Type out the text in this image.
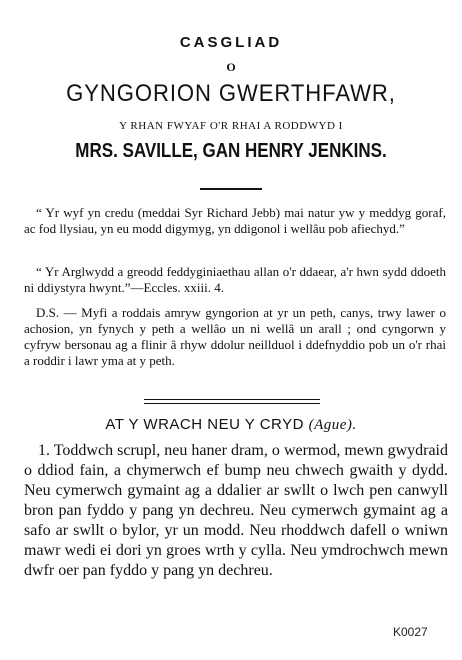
CASGLIAD
O
GYNGORION GWERTHFAWR,
Y RHAN FWYAF O'R RHAI A RODDWYD I
MRS. SAVILLE, GAN HENRY JENKINS.
“ Yr wyf yn credu (meddai Syr Richard Jebb) mai natur yw y meddyg goraf, ac fod llysiau, yn eu modd digymyg, yn ddigonol i wellâu pob afiechyd.”
“ Yr Arglwydd a greodd feddyginiaethau allan o'r ddaear, a'r hwn sydd ddoeth ni ddiystyra hwynt.”—Eccles. xxiii. 4.
D.S. — Myfi a roddais amryw gyngorion at yr un peth, canys, trwy lawer o achosion, yn fynych y peth a wellâo un ni wellâ un arall ; ond cyngorwn y cyfryw bersonau ag a flinir â rhyw ddolur neillduol i ddefnyddio pob un o'r rhai a roddir i lawr yma at y peth.
AT Y WRACH NEU Y CRYD (Ague).
1. Toddwch scrupl, neu haner dram, o wermod, mewn gwydraid o ddiod fain, a chymerwch ef bump neu chwech gwaith y dydd. Neu cymerwch gymaint ag a ddalier ar swllt o lwch pen canwyll bron pan fyddo y pang yn dechreu. Neu cymerwch gymaint ag a safo ar swllt o bylor, yr un modd. Neu rhoddwch dafell o wniwn mawr wedi ei dori yn groes wrth y cylla. Neu ymdrochwch mewn dwfr oer pan fyddo y pang yn dechreu.
K0027
